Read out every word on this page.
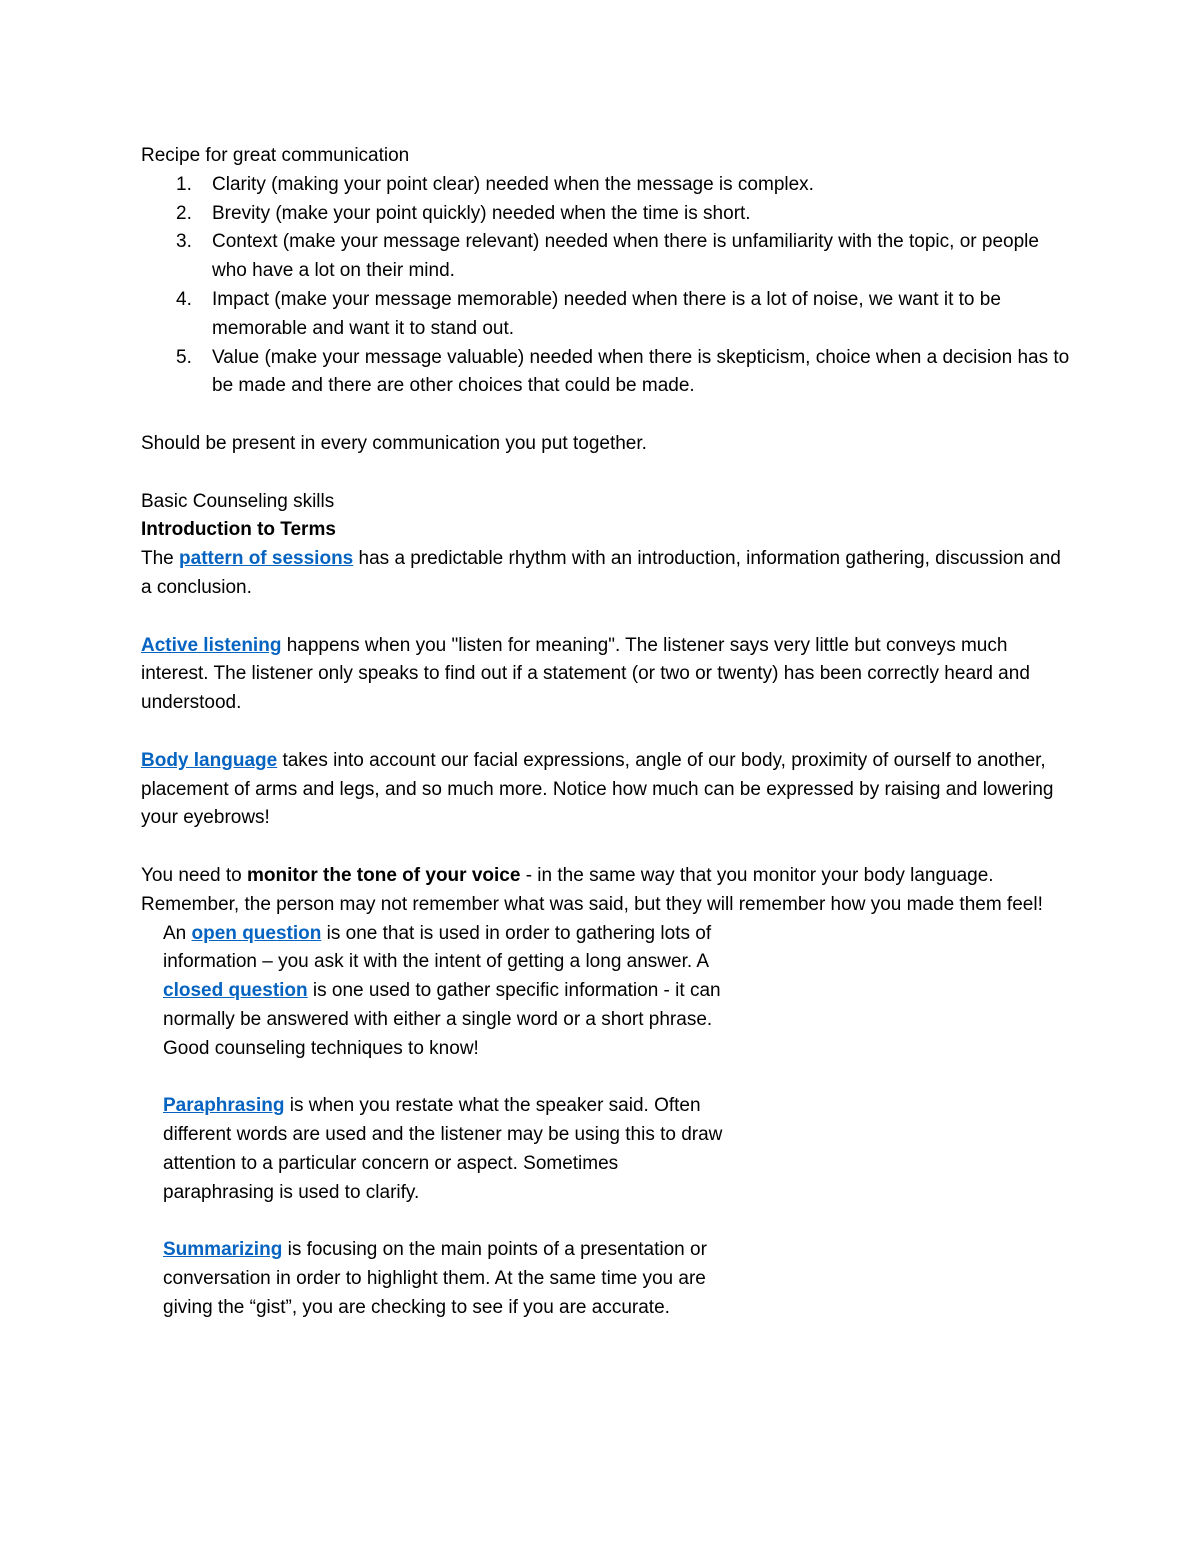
Recipe for great communication

1. Clarity (making your point clear) needed when the message is complex.
2. Brevity (make your point quickly) needed when the time is short.
3. Context (make your message relevant) needed when there is unfamiliarity with the topic, or people who have a lot on their mind.
4. Impact (make your message memorable) needed when there is a lot of noise, we want it to be memorable and want it to stand out.
5. Value (make your message valuable) needed when there is skepticism, choice when a decision has to be made and there are other choices that could be made.

Should be present in every communication you put together.

Basic Counseling skills

Introduction to Terms

The pattern of sessions has a predictable rhythm with an introduction, information gathering, discussion and a conclusion.

Active listening happens when you "listen for meaning". The listener says very little but conveys much interest. The listener only speaks to find out if a statement (or two or twenty) has been correctly heard and understood.

Body language takes into account our facial expressions, angle of our body, proximity of ourself to another, placement of arms and legs, and so much more. Notice how much can be expressed by raising and lowering your eyebrows!

You need to monitor the tone of your voice - in the same way that you monitor your body language. Remember, the person may not remember what was said, but they will remember how you made them feel!

An open question is one that is used in order to gathering lots of information – you ask it with the intent of getting a long answer. A closed question is one used to gather specific information - it can normally be answered with either a single word or a short phrase. Good counseling techniques to know!

Paraphrasing is when you restate what the speaker said. Often different words are used and the listener may be using this to draw attention to a particular concern or aspect. Sometimes paraphrasing is used to clarify.

Summarizing is focusing on the main points of a presentation or conversation in order to highlight them. At the same time you are giving the “gist”, you are checking to see if you are accurate.
